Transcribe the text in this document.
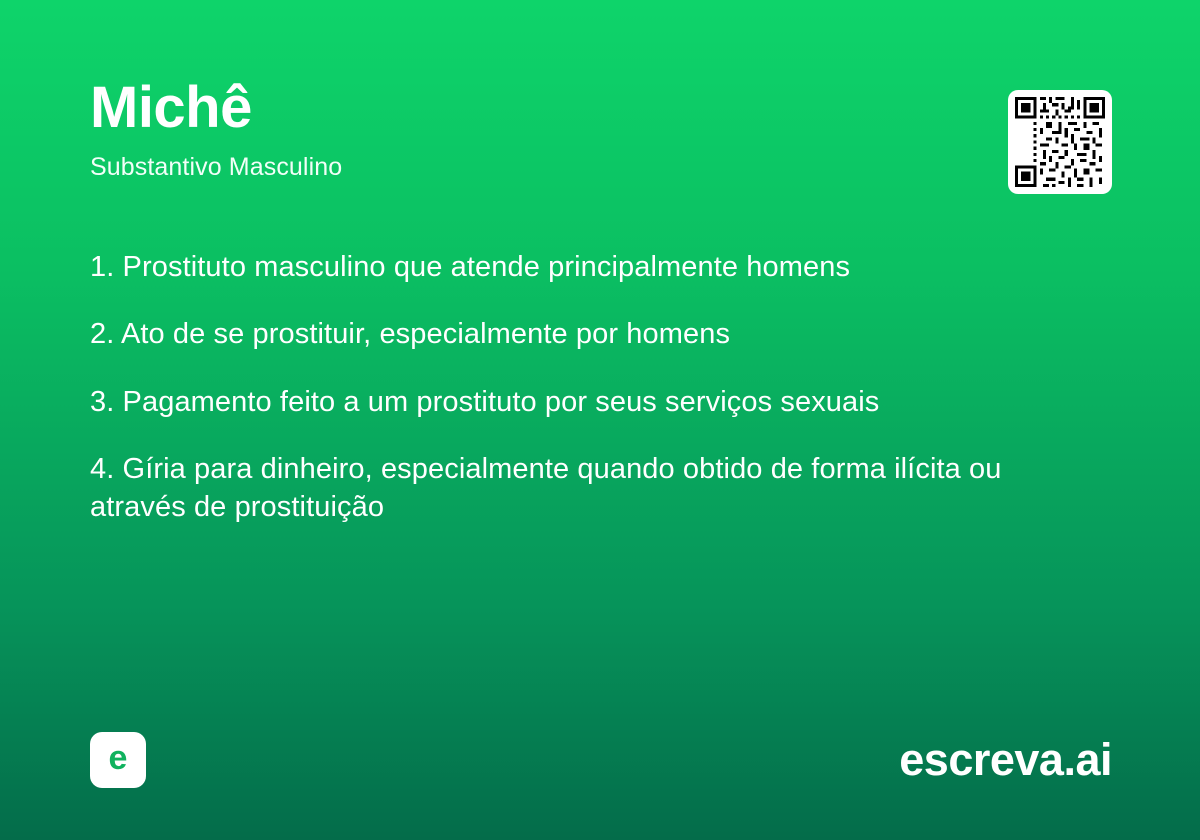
Michê
Substantivo Masculino

1. Prostituto masculino que atende principalmente homens

2. Ato de se prostituir, especialmente por homens

3. Pagamento feito a um prostituto por seus serviços sexuais

4. Gíria para dinheiro, especialmente quando obtido de forma ilícita ou através de prostituição

e	escreva.ai
